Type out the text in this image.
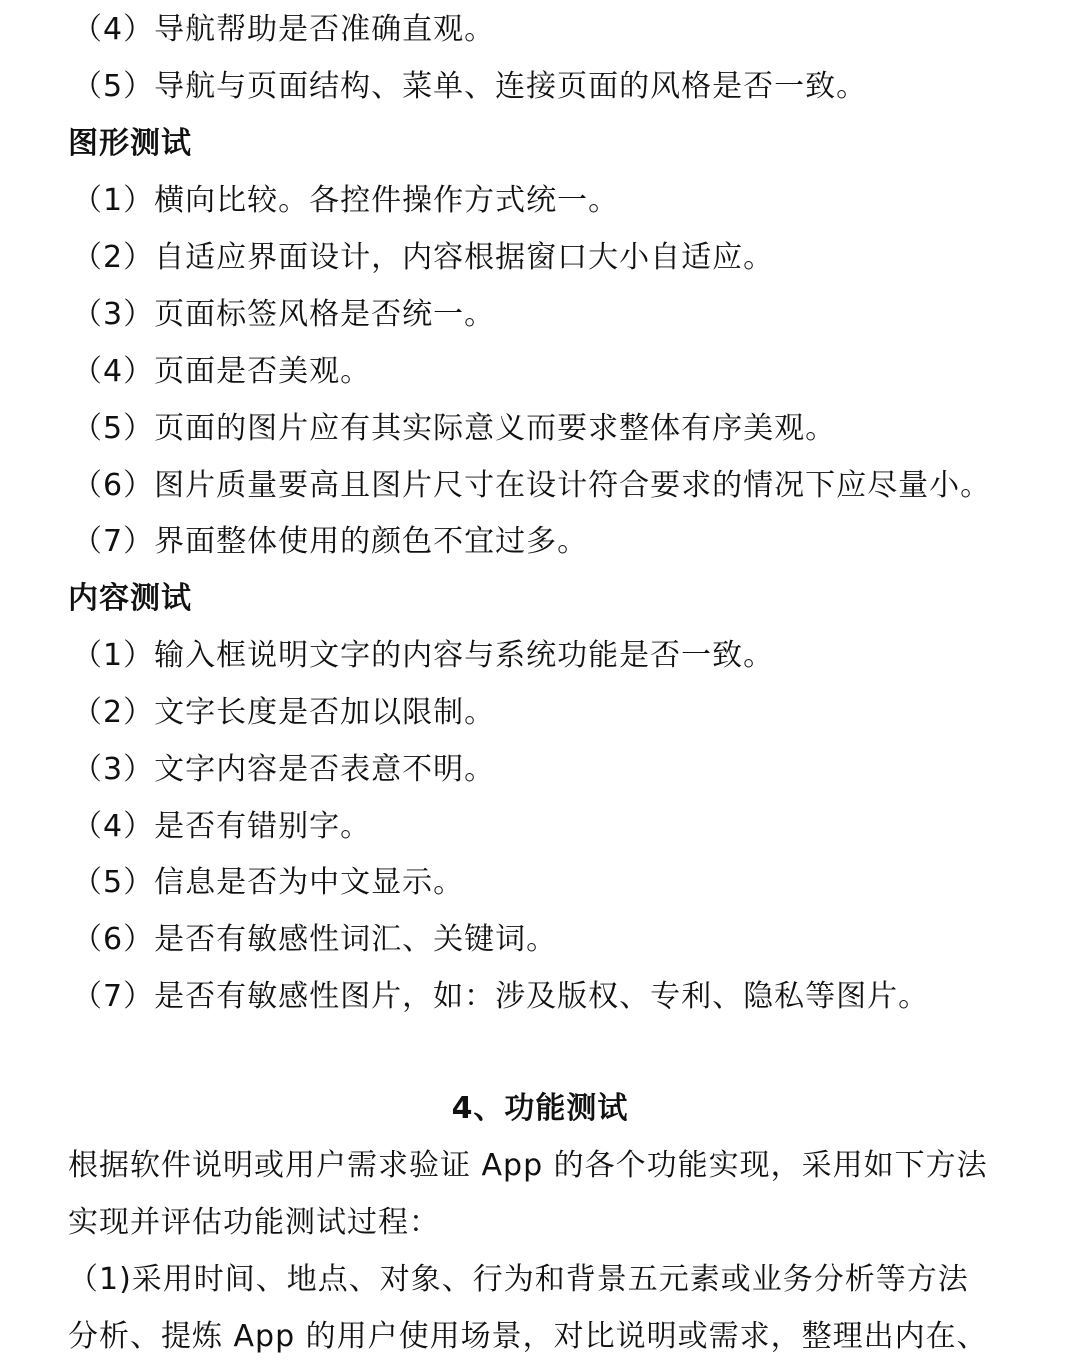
（4）导航帮助是否准确直观。
（5）导航与页面结构、菜单、连接页面的风格是否一致。
图形测试
（1）横向比较。各控件操作方式统一。
（2）自适应界面设计，内容根据窗口大小自适应。
（3）页面标签风格是否统一。
（4）页面是否美观。
（5）页面的图片应有其实际意义而要求整体有序美观。
（6）图片质量要高且图片尺寸在设计符合要求的情况下应尽量小。
（7）界面整体使用的颜色不宜过多。
内容测试
（1）输入框说明文字的内容与系统功能是否一致。
（2）文字长度是否加以限制。
（3）文字内容是否表意不明。
（4）是否有错别字。
（5）信息是否为中文显示。
（6）是否有敏感性词汇、关键词。
（7）是否有敏感性图片，如：涉及版权、专利、隐私等图片。
4、功能测试
根据软件说明或用户需求验证 App 的各个功能实现，采用如下方法
实现并评估功能测试过程：
（1)采用时间、地点、对象、行为和背景五元素或业务分析等方法
分析、提炼 App 的用户使用场景，对比说明或需求，整理出内在、
